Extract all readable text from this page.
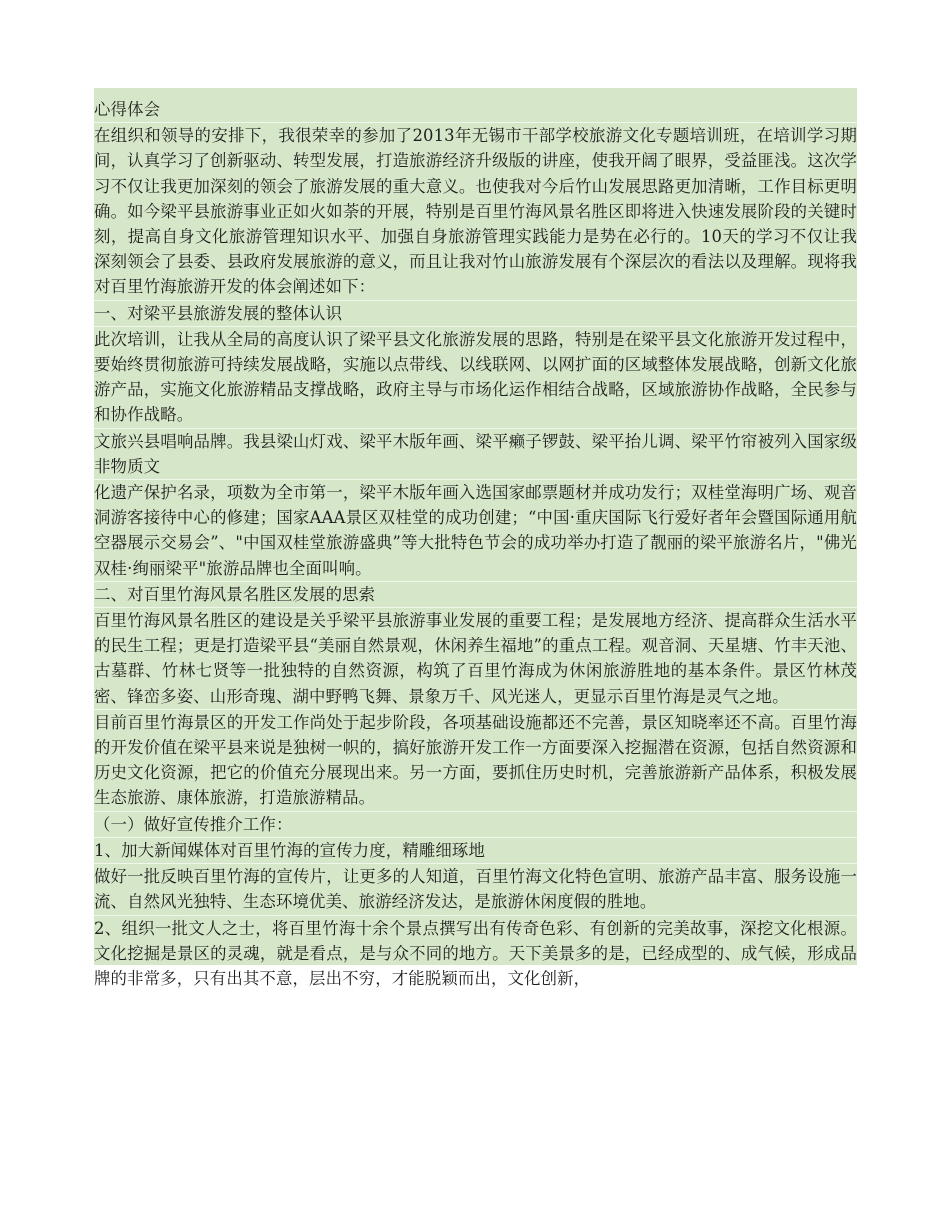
心得体会
在组织和领导的安排下，我很荣幸的参加了2013年无锡市干部学校旅游文化专题培训班，在培训学习期间，认真学习了创新驱动、转型发展，打造旅游经济升级版的讲座，使我开阔了眼界，受益匪浅。这次学习不仅让我更加深刻的领会了旅游发展的重大意义。也使我对今后竹山发展思路更加清晰，工作目标更明确。如今梁平县旅游事业正如火如荼的开展，特别是百里竹海风景名胜区即将进入快速发展阶段的关键时刻，提高自身文化旅游管理知识水平、加强自身旅游管理实践能力是势在必行的。10天的学习不仅让我深刻领会了县委、县政府发展旅游的意义，而且让我对竹山旅游发展有个深层次的看法以及理解。现将我对百里竹海旅游开发的体会阐述如下：
一、对梁平县旅游发展的整体认识
此次培训，让我从全局的高度认识了梁平县文化旅游发展的思路，特别是在梁平县文化旅游开发过程中，要始终贯彻旅游可持续发展战略，实施以点带线、以线联网、以网扩面的区域整体发展战略，创新文化旅游产品，实施文化旅游精品支撑战略，政府主导与市场化运作相结合战略，区域旅游协作战略，全民参与和协作战略。
文旅兴县唱响品牌。我县梁山灯戏、梁平木版年画、梁平癞子锣鼓、梁平抬儿调、梁平竹帘被列入国家级非物质文
化遗产保护名录，项数为全市第一，梁平木版年画入选国家邮票题材并成功发行；双桂堂海明广场、观音洞游客接待中心的修建；国家AAA景区双桂堂的成功创建；“中国·重庆国际飞行爱好者年会暨国际通用航空器展示交易会”、"中国双桂堂旅游盛典”等大批特色节会的成功举办打造了靓丽的梁平旅游名片，"佛光双桂·绚丽梁平"旅游品牌也全面叫响。
二、对百里竹海风景名胜区发展的思索
百里竹海风景名胜区的建设是关乎梁平县旅游事业发展的重要工程；是发展地方经济、提高群众生活水平的民生工程；更是打造梁平县“美丽自然景观，休闲养生福地”的重点工程。观音洞、天星塘、竹丰天池、古墓群、竹林七贤等一批独特的自然资源，构筑了百里竹海成为休闲旅游胜地的基本条件。景区竹林茂密、锋峦多姿、山形奇瑰、湖中野鸭飞舞、景象万千、风光迷人，更显示百里竹海是灵气之地。
目前百里竹海景区的开发工作尚处于起步阶段，各项基础设施都还不完善，景区知晓率还不高。百里竹海的开发价值在梁平县来说是独树一帜的，搞好旅游开发工作一方面要深入挖掘潜在资源，包括自然资源和历史文化资源，把它的价值充分展现出来。另一方面，要抓住历史时机，完善旅游新产品体系，积极发展生态旅游、康体旅游，打造旅游精品。
（一）做好宣传推介工作：
1、加大新闻媒体对百里竹海的宣传力度，精雕细琢地
做好一批反映百里竹海的宣传片，让更多的人知道，百里竹海文化特色宣明、旅游产品丰富、服务设施一流、自然风光独特、生态环境优美、旅游经济发达，是旅游休闲度假的胜地。
2、组织一批文人之士，将百里竹海十余个景点撰写出有传奇色彩、有创新的完美故事，深挖文化根源。文化挖掘是景区的灵魂，就是看点，是与众不同的地方。天下美景多的是，已经成型的、成气候，形成品牌的非常多，只有出其不意，层出不穷，才能脱颖而出，文化创新，
